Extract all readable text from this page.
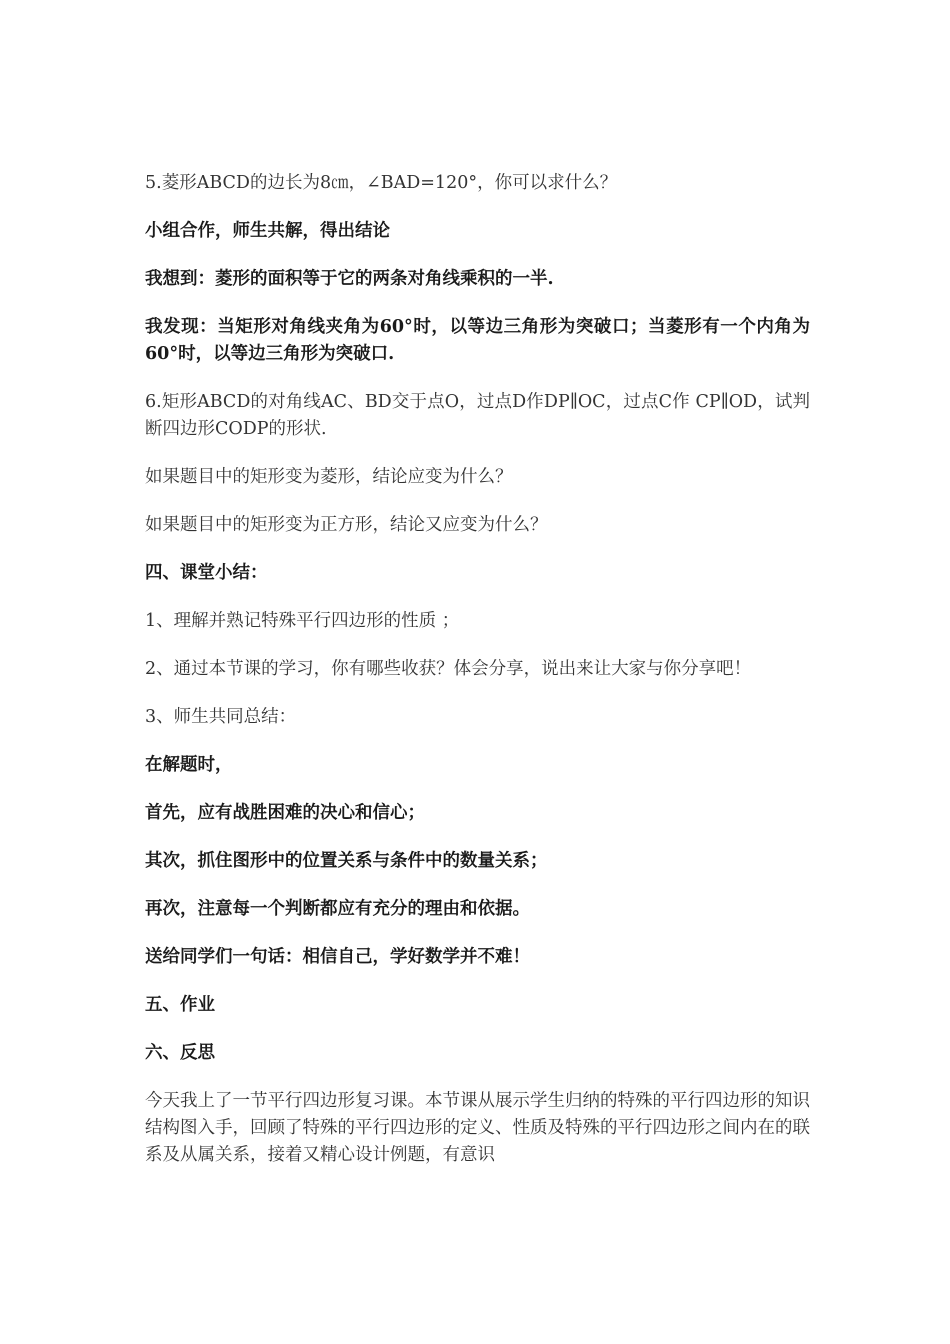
5.菱形ABCD的边长为8㎝，∠BAD=120°，你可以求什么？

小组合作，师生共解，得出结论

我想到：菱形的面积等于它的两条对角线乘积的一半.

我发现：当矩形对角线夹角为60°时，以等边三角形为突破口；当菱形有一个内角为60°时，以等边三角形为突破口.

6.矩形ABCD的对角线AC、BD交于点O，过点D作DP∥OC，过点C作 CP∥OD，试判断四边形CODP的形状.

如果题目中的矩形变为菱形，结论应变为什么？

如果题目中的矩形变为正方形，结论又应变为什么？

四、课堂小结：

1、理解并熟记特殊平行四边形的性质 ；

2、通过本节课的学习，你有哪些收获？体会分享，说出来让大家与你分享吧！

3、师生共同总结：

在解题时，

首先，应有战胜困难的决心和信心；

其次，抓住图形中的位置关系与条件中的数量关系；

再次，注意每一个判断都应有充分的理由和依据。

送给同学们一句话：相信自己，学好数学并不难！

五、作业

六、反思

今天我上了一节平行四边形复习课。本节课从展示学生归纳的特殊的平行四边形的知识结构图入手，回顾了特殊的平行四边形的定义、性质及特殊的平行四边形之间内在的联系及从属关系，接着又精心设计例题，有意识
